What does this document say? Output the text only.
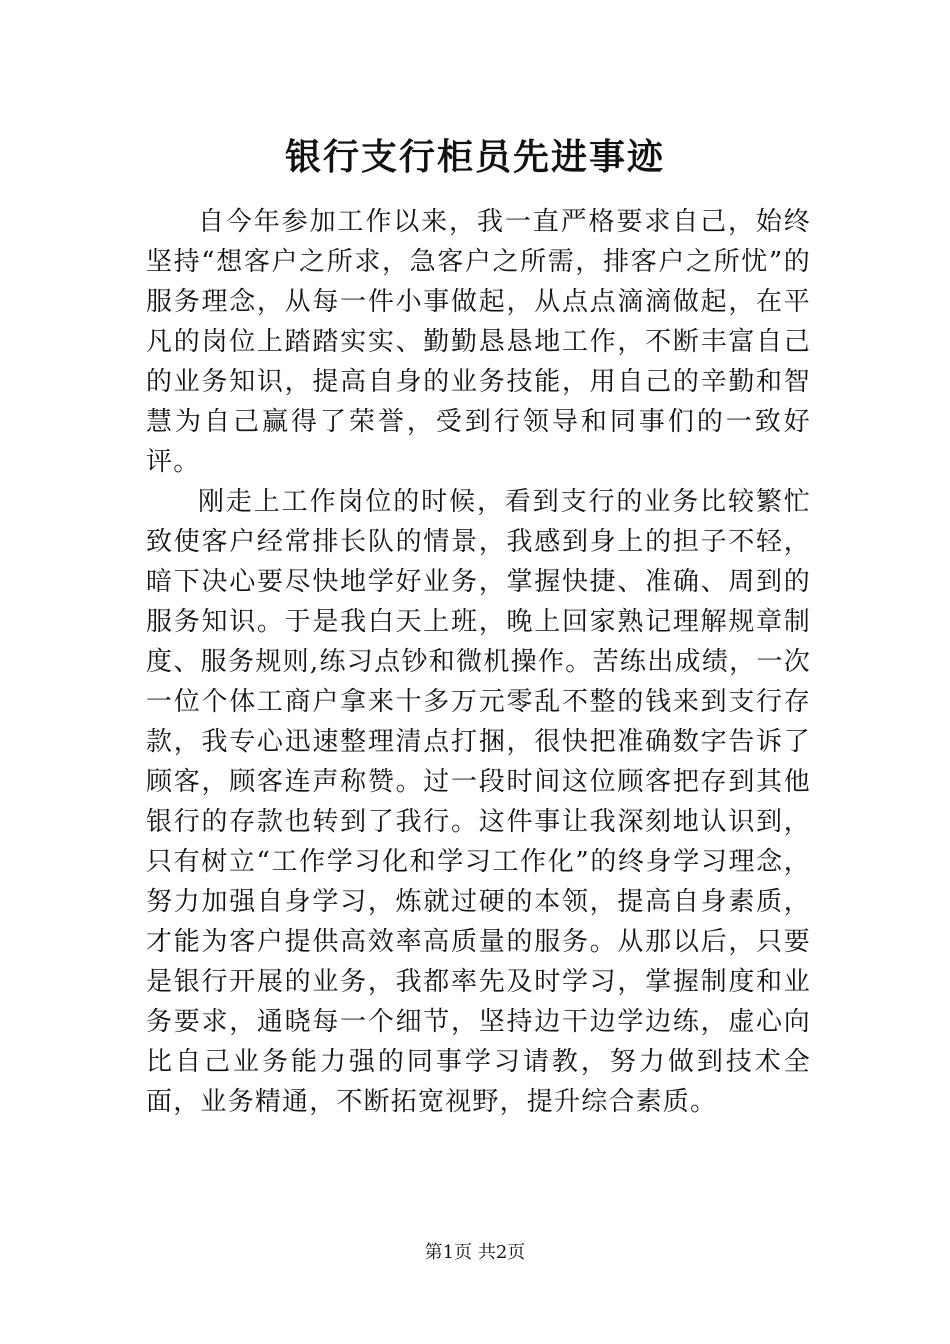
银行支行柜员先进事迹

自今年参加工作以来，我一直严格要求自己，始终坚持“想客户之所求，急客户之所需，排客户之所忧”的服务理念，从每一件小事做起，从点点滴滴做起，在平凡的岗位上踏踏实实、勤勤恳恳地工作，不断丰富自己的业务知识，提高自身的业务技能，用自己的辛勤和智慧为自己赢得了荣誉，受到行领导和同事们的一致好评。

刚走上工作岗位的时候，看到支行的业务比较繁忙致使客户经常排长队的情景，我感到身上的担子不轻，暗下决心要尽快地学好业务，掌握快捷、准确、周到的服务知识。于是我白天上班，晚上回家熟记理解规章制度、服务规则,练习点钞和微机操作。苦练出成绩，一次一位个体工商户拿来十多万元零乱不整的钱来到支行存款，我专心迅速整理清点打捆，很快把准确数字告诉了顾客，顾客连声称赞。过一段时间这位顾客把存到其他银行的存款也转到了我行。这件事让我深刻地认识到，只有树立“工作学习化和学习工作化”的终身学习理念，努力加强自身学习，炼就过硬的本领，提高自身素质，才能为客户提供高效率高质量的服务。从那以后，只要是银行开展的业务，我都率先及时学习，掌握制度和业务要求，通晓每一个细节，坚持边干边学边练，虚心向比自己业务能力强的同事学习请教，努力做到技术全面，业务精通，不断拓宽视野，提升综合素质。

第1页 共2页
